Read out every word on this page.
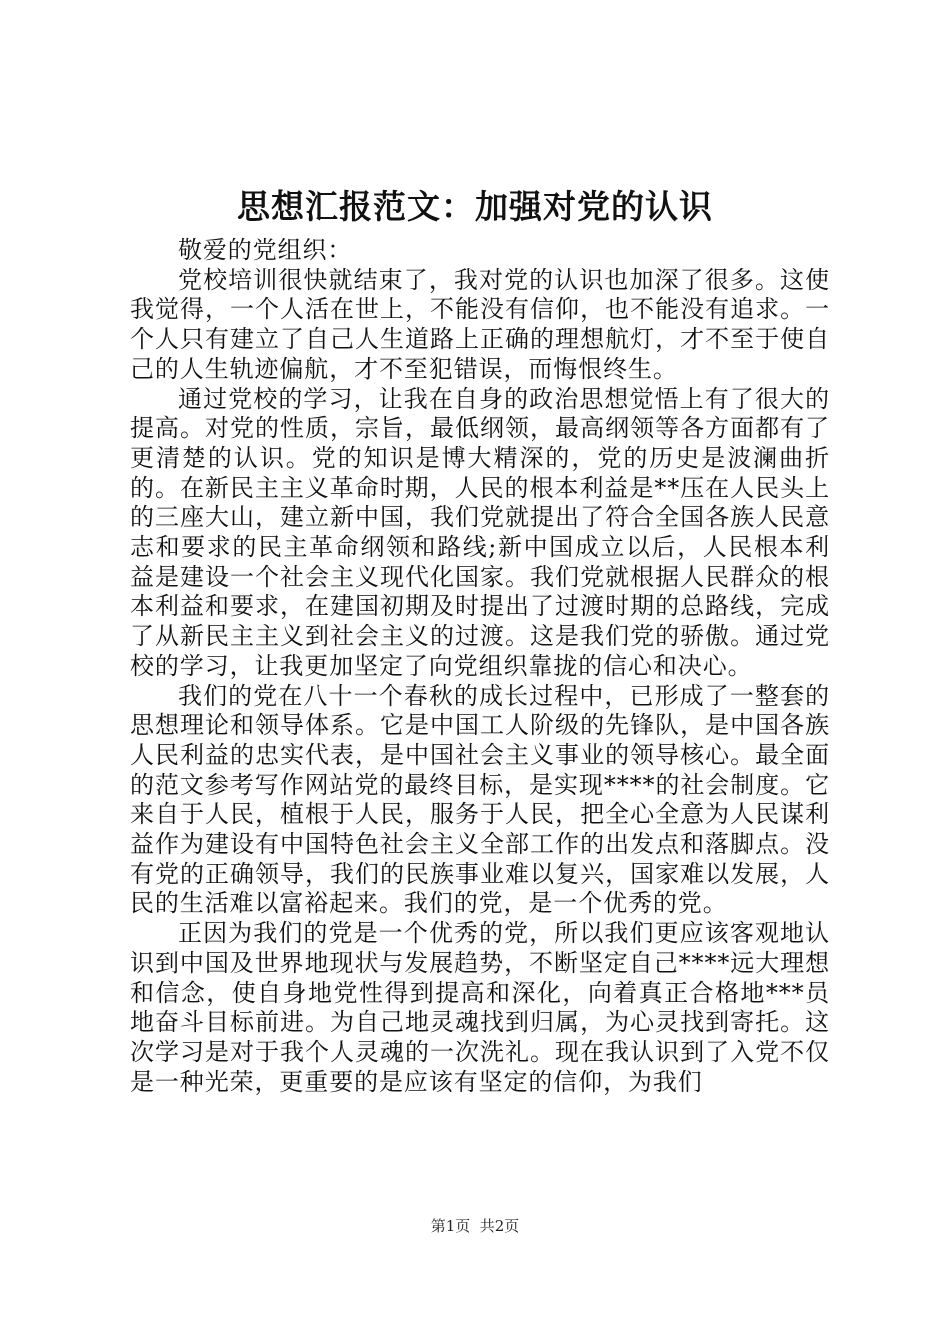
思想汇报范文：加强对党的认识

敬爱的党组织：

党校培训很快就结束了，我对党的认识也加深了很多。这使我觉得，一个人活在世上，不能没有信仰，也不能没有追求。一个人只有建立了自己人生道路上正确的理想航灯，才不至于使自己的人生轨迹偏航，才不至犯错误，而悔恨终生。

通过党校的学习，让我在自身的政治思想觉悟上有了很大的提高。对党的性质，宗旨，最低纲领，最高纲领等各方面都有了更清楚的认识。党的知识是博大精深的，党的历史是波澜曲折的。在新民主主义革命时期，人民的根本利益是**压在人民头上的三座大山，建立新中国，我们党就提出了符合全国各族人民意志和要求的民主革命纲领和路线;新中国成立以后，人民根本利益是建设一个社会主义现代化国家。我们党就根据人民群众的根本利益和要求，在建国初期及时提出了过渡时期的总路线，完成了从新民主主义到社会主义的过渡。这是我们党的骄傲。通过党校的学习，让我更加坚定了向党组织靠拢的信心和决心。

我们的党在八十一个春秋的成长过程中，已形成了一整套的思想理论和领导体系。它是中国工人阶级的先锋队，是中国各族人民利益的忠实代表，是中国社会主义事业的领导核心。最全面的范文参考写作网站党的最终目标，是实现****的社会制度。它来自于人民，植根于人民，服务于人民，把全心全意为人民谋利益作为建设有中国特色社会主义全部工作的出发点和落脚点。没有党的正确领导，我们的民族事业难以复兴，国家难以发展，人民的生活难以富裕起来。我们的党，是一个优秀的党。

正因为我们的党是一个优秀的党，所以我们更应该客观地认识到中国及世界地现状与发展趋势，不断坚定自己****远大理想和信念，使自身地党性得到提高和深化，向着真正合格地***员地奋斗目标前进。为自己地灵魂找到归属，为心灵找到寄托。这次学习是对于我个人灵魂的一次洗礼。现在我认识到了入党不仅是一种光荣，更重要的是应该有坚定的信仰，为我们

第1页  共2页
